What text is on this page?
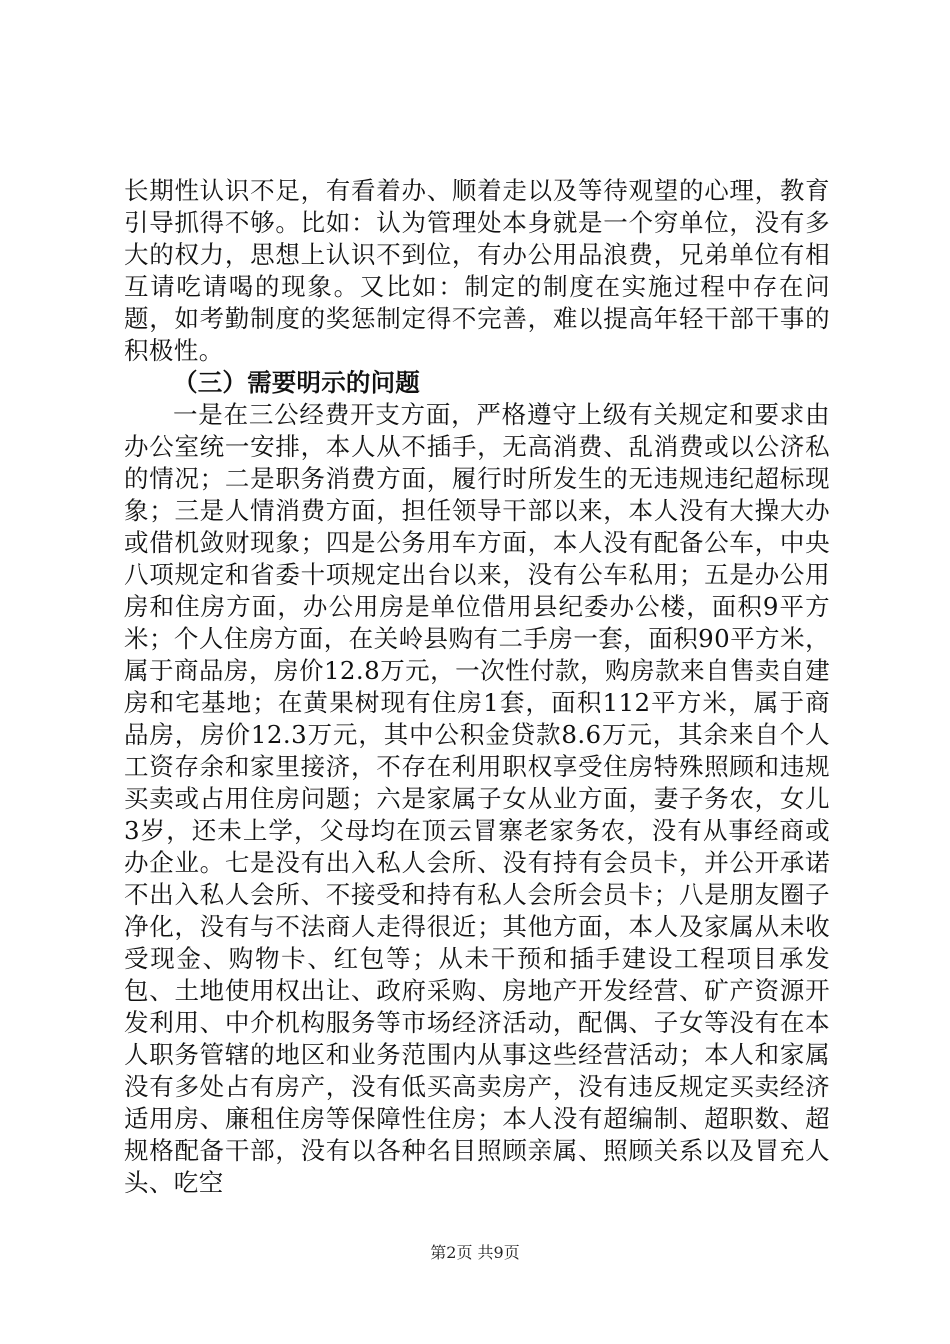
长期性认识不足，有看着办、顺着走以及等待观望的心理，教育引导抓得不够。比如：认为管理处本身就是一个穷单位，没有多大的权力，思想上认识不到位，有办公用品浪费，兄弟单位有相互请吃请喝的现象。又比如：制定的制度在实施过程中存在问题，如考勤制度的奖惩制定得不完善，难以提高年轻干部干事的积极性。

（三）需要明示的问题

一是在三公经费开支方面，严格遵守上级有关规定和要求由办公室统一安排，本人从不插手，无高消费、乱消费或以公济私的情况；二是职务消费方面，履行时所发生的无违规违纪超标现象；三是人情消费方面，担任领导干部以来，本人没有大操大办或借机敛财现象；四是公务用车方面，本人没有配备公车，中央八项规定和省委十项规定出台以来，没有公车私用；五是办公用房和住房方面，办公用房是单位借用县纪委办公楼，面积9平方米；个人住房方面，在关岭县购有二手房一套，面积90平方米，属于商品房，房价12.8万元，一次性付款，购房款来自售卖自建房和宅基地；在黄果树现有住房1套，面积112平方米，属于商品房，房价12.3万元，其中公积金贷款8.6万元，其余来自个人工资存余和家里接济，不存在利用职权享受住房特殊照顾和违规买卖或占用住房问题；六是家属子女从业方面，妻子务农，女儿3岁，还未上学，父母均在顶云冒寨老家务农，没有从事经商或办企业。七是没有出入私人会所、没有持有会员卡，并公开承诺不出入私人会所、不接受和持有私人会所会员卡；八是朋友圈子净化，没有与不法商人走得很近；其他方面，本人及家属从未收受现金、购物卡、红包等；从未干预和插手建设工程项目承发包、土地使用权出让、政府采购、房地产开发经营、矿产资源开发利用、中介机构服务等市场经济活动，配偶、子女等没有在本人职务管辖的地区和业务范围内从事这些经营活动；本人和家属没有多处占有房产，没有低买高卖房产，没有违反规定买卖经济适用房、廉租住房等保障性住房；本人没有超编制、超职数、超规格配备干部，没有以各种名目照顾亲属、照顾关系以及冒充人头、吃空

第2页 共9页
